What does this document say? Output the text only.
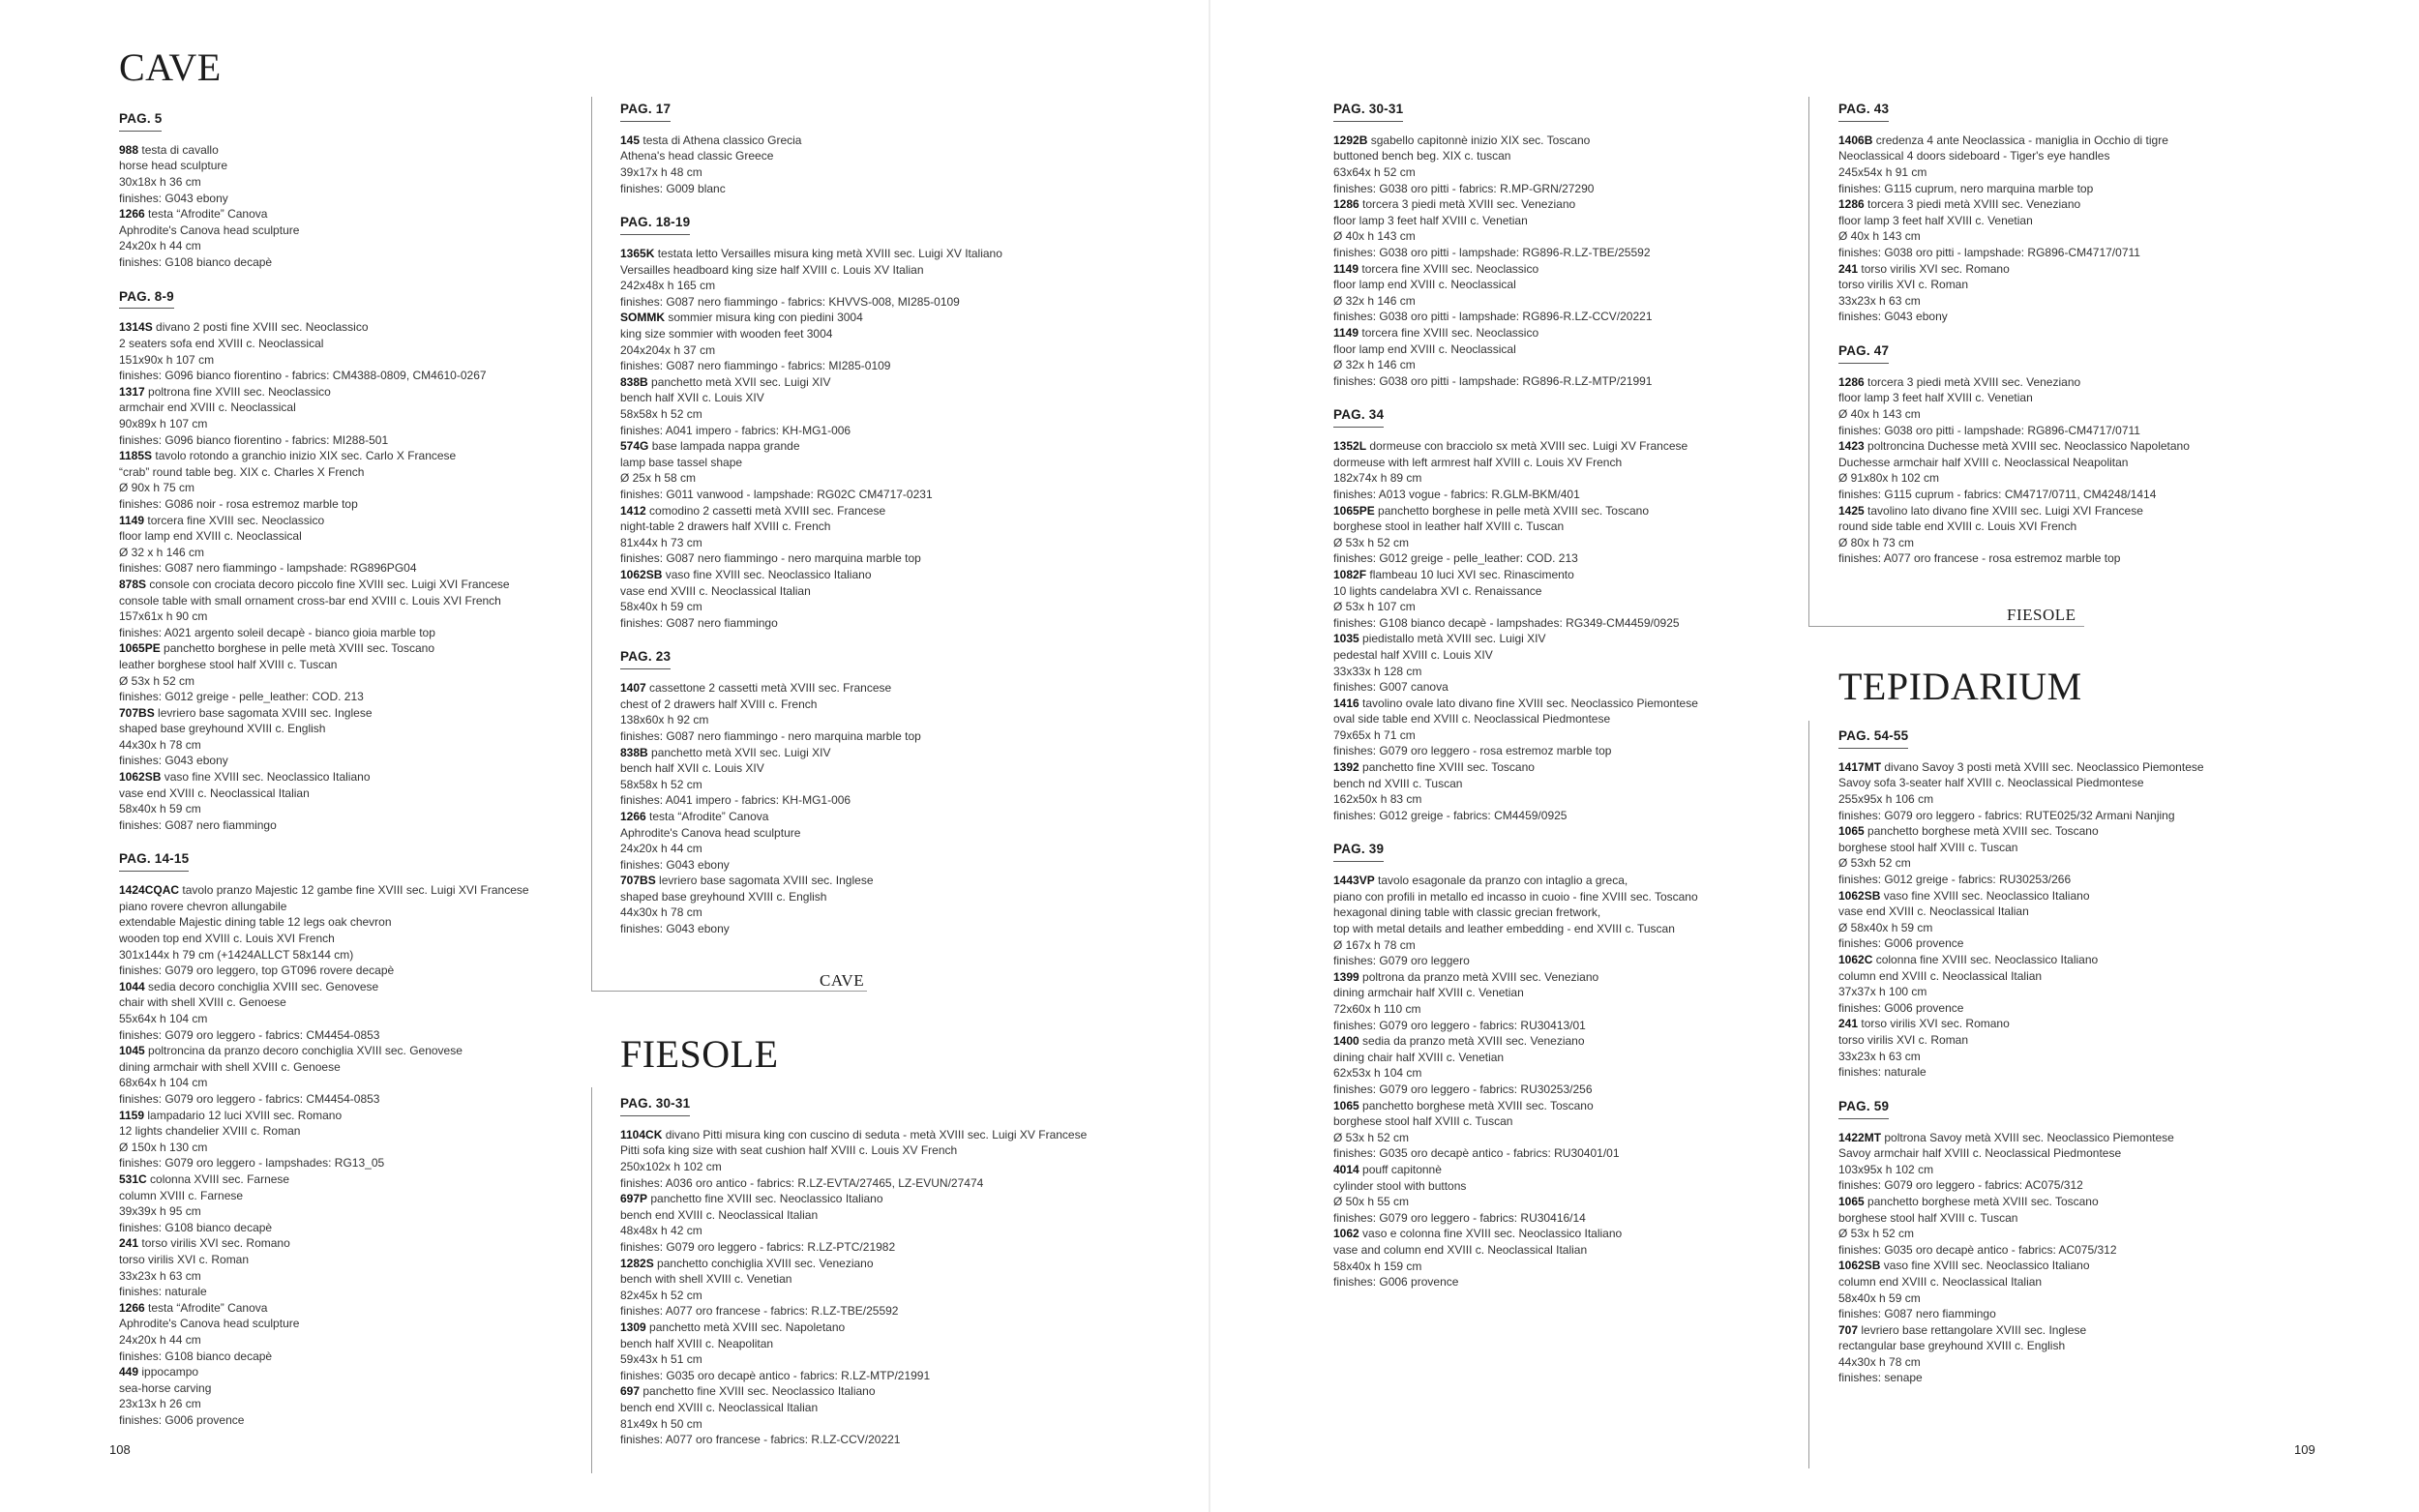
CAVE
PAG. 5
988 testa di cavallo
horse head sculpture
30x18x h 36 cm
finishes: G043 ebony
1266 testa “Afrodite” Canova
Aphrodite's Canova head sculpture
24x20x h 44 cm
finishes: G108 bianco decapè
PAG. 8-9
1314S divano 2 posti fine XVIII sec. Neoclassico
2 seaters sofa end XVIII c. Neoclassical
151x90x h 107 cm
finishes: G096 bianco fiorentino - fabrics: CM4388-0809, CM4610-0267
1317 poltrona fine XVIII sec. Neoclassico
armchair end XVIII c. Neoclassical
90x89x h 107 cm
finishes: G096 bianco fiorentino - fabrics: MI288-501
1185S tavolo rotondo a granchio inizio XIX sec. Carlo X Francese
“crab” round table beg. XIX c. Charles X French
Ø 90x h 75 cm
finishes: G086 noir - rosa estremoz marble top
1149 torcera fine XVIII sec. Neoclassico
floor lamp end XVIII c. Neoclassical
Ø 32 x h 146 cm
finishes: G087 nero fiammingo - lampshade: RG896PG04
878S console con crociata decoro piccolo fine XVIII sec. Luigi XVI Francese
console table with small ornament cross-bar end XVIII c. Louis XVI French
157x61x h 90 cm
finishes: A021 argento soleil decapè - bianco gioia marble top
1065PE panchetto borghese in pelle metà XVIII sec. Toscano
leather borghese stool half XVIII c. Tuscan
Ø 53x h 52 cm
finishes: G012 greige - pelle_leather: COD. 213
707BS levriero base sagomata XVIII sec. Inglese
shaped base greyhound XVIII c. English
44x30x h 78 cm
finishes: G043 ebony
1062SB vaso fine XVIII sec. Neoclassico Italiano
vase end XVIII c. Neoclassical Italian
58x40x h 59 cm
finishes: G087 nero fiammingo
PAG. 14-15
1424CQAC tavolo pranzo Majestic 12 gambe fine XVIII sec. Luigi XVI Francese
piano rovere chevron allungabile
extendable Majestic dining table 12 legs oak chevron
wooden top end XVIII c. Louis XVI French
301x144x h 79 cm (+1424ALLCT 58x144 cm)
finishes: G079 oro leggero, top GT096 rovere decapè
1044 sedia decoro conchiglia XVIII sec. Genovese
chair with shell XVIII c. Genoese
55x64x h 104 cm
finishes: G079 oro leggero - fabrics: CM4454-0853
1045 poltroncina da pranzo decoro conchiglia XVIII sec. Genovese
dining armchair with shell XVIII c. Genoese
68x64x h 104 cm
finishes: G079 oro leggero - fabrics: CM4454-0853
1159 lampadario 12 luci XVIII sec. Romano
12 lights chandelier XVIII c. Roman
Ø 150x h 130 cm
finishes: G079 oro leggero - lampshades: RG13_05
531C colonna XVIII sec. Farnese
column XVIII c. Farnese
39x39x h 95 cm
finishes: G108 bianco decapè
241 torso virilis XVI sec. Romano
torso virilis XVI c. Roman
33x23x h 63 cm
finishes: naturale
1266 testa “Afrodite” Canova
Aphrodite's Canova head sculpture
24x20x h 44 cm
finishes: G108 bianco decapè
449 ippocampo
sea-horse carving
23x13x h 26 cm
finishes: G006 provence
PAG. 17
145 testa di Athena classico Grecia
Athena's head classic Greece
39x17x h 48 cm
finishes: G009 blanc
PAG. 18-19
1365K testata letto Versailles misura king metà XVIII sec. Luigi XV Italiano
Versailles headboard king size half XVIII c. Louis XV Italian
242x48x h 165 cm
finishes: G087 nero fiammingo - fabrics: KHVVS-008, MI285-0109
SOMMK sommier misura king con piedini 3004
king size sommier with wooden feet 3004
204x204x h 37 cm
finishes: G087 nero fiammingo - fabrics: MI285-0109
838B panchetto metà XVII sec. Luigi XIV
bench half XVII c. Louis XIV
58x58x h 52 cm
finishes: A041 impero - fabrics: KH-MG1-006
574G base lampada nappa grande
lamp base tassel shape
Ø 25x h 58 cm
finishes: G011 vanwood - lampshade: RG02C CM4717-0231
1412 comodino 2 cassetti metà XVIII sec. Francese
night-table 2 drawers half XVIII c. French
81x44x h 73 cm
finishes: G087 nero fiammingo - nero marquina marble top
1062SB vaso fine XVIII sec. Neoclassico Italiano
vase end XVIII c. Neoclassical Italian
58x40x h 59 cm
finishes: G087 nero fiammingo
PAG. 23
1407 cassettone 2 cassetti metà XVIII sec. Francese
chest of 2 drawers half XVIII c. French
138x60x h 92 cm
finishes: G087 nero fiammingo - nero marquina marble top
838B panchetto metà XVII sec. Luigi XIV
bench half XVII c. Louis XIV
58x58x h 52 cm
finishes: A041 impero - fabrics: KH-MG1-006
1266 testa “Afrodite” Canova
Aphrodite's Canova head sculpture
24x20x h 44 cm
finishes: G043 ebony
707BS levriero base sagomata XVIII sec. Inglese
shaped base greyhound XVIII c. English
44x30x h 78 cm
finishes: G043 ebony
CAVE
FIESOLE
PAG. 30-31
1104CK divano Pitti misura king con cuscino di seduta - metà XVIII sec. Luigi XV Francese
Pitti sofa king size with seat cushion half XVIII c. Louis XV French
250x102x h 102 cm
finishes: A036 oro antico - fabrics: R.LZ-EVTA/27465, LZ-EVUN/27474
697P panchetto fine XVIII sec. Neoclassico Italiano
bench end XVIII c. Neoclassical Italian
48x48x h 42 cm
finishes: G079 oro leggero - fabrics: R.LZ-PTC/21982
1282S panchetto conchiglia XVIII sec. Veneziano
bench with shell XVIII c. Venetian
82x45x h 52 cm
finishes: A077 oro francese - fabrics: R.LZ-TBE/25592
1309 panchetto metà XVIII sec. Napoletano
bench half XVIII c. Neapolitan
59x43x h 51 cm
finishes: G035 oro decapè antico - fabrics: R.LZ-MTP/21991
697 panchetto fine XVIII sec. Neoclassico Italiano
bench end XVIII c. Neoclassical Italian
81x49x h 50 cm
finishes: A077 oro francese - fabrics: R.LZ-CCV/20221
PAG. 30-31
1292B sgabello capitonnè inizio XIX sec. Toscano
buttoned bench beg. XIX c. tuscan
63x64x h 52 cm
finishes: G038 oro pitti - fabrics: R.MP-GRN/27290
1286 torcera 3 piedi metà XVIII sec. Veneziano
floor lamp 3 feet half XVIII c. Venetian
Ø 40x h 143 cm
finishes: G038 oro pitti - lampshade: RG896-R.LZ-TBE/25592
1149 torcera fine XVIII sec. Neoclassico
floor lamp end XVIII c. Neoclassical
Ø 32x h 146 cm
finishes: G038 oro pitti - lampshade: RG896-R.LZ-CCV/20221
1149 torcera fine XVIII sec. Neoclassico
floor lamp end XVIII c. Neoclassical
Ø 32x h 146 cm
finishes: G038 oro pitti - lampshade: RG896-R.LZ-MTP/21991
PAG. 34
1352L dormeuse con bracciolo sx metà XVIII sec. Luigi XV Francese
dormeuse with left armrest half XVIII c. Louis XV French
182x74x h 89 cm
finishes: A013 vogue - fabrics: R.GLM-BKM/401
1065PE panchetto borghese in pelle metà XVIII sec. Toscano
borghese stool in leather half XVIII c. Tuscan
Ø 53x h 52 cm
finishes: G012 greige - pelle_leather: COD. 213
1082F flambeau 10 luci XVI sec. Rinascimento
10 lights candelabra XVI c. Renaissance
Ø 53x h 107 cm
finishes: G108 bianco decapè - lampshades: RG349-CM4459/0925
1035 piedistallo metà XVIII sec. Luigi XIV
pedestal half XVIII c. Louis XIV
33x33x h 128 cm
finishes: G007 canova
1416 tavolino ovale lato divano fine XVIII sec. Neoclassico Piemontese
oval side table end XVIII c. Neoclassical Piedmontese
79x65x h 71 cm
finishes: G079 oro leggero - rosa estremoz marble top
1392 panchetto fine XVIII sec. Toscano
bench nd XVIII c. Tuscan
162x50x h 83 cm
finishes: G012 greige - fabrics: CM4459/0925
PAG. 39
1443VP tavolo esagonale da pranzo con intaglio a greca,
piano con profili in metallo ed incasso in cuoio - fine XVIII sec. Toscano
hexagonal dining table with classic grecian fretwork,
top with metal details and leather embedding - end XVIII c. Tuscan
Ø 167x h 78 cm
finishes: G079 oro leggero
1399 poltrona da pranzo metà XVIII sec. Veneziano
dining armchair half XVIII c. Venetian
72x60x h 110 cm
finishes: G079 oro leggero - fabrics: RU30413/01
1400 sedia da pranzo metà XVIII sec. Veneziano
dining chair half XVIII c. Venetian
62x53x h 104 cm
finishes: G079 oro leggero - fabrics: RU30253/256
1065 panchetto borghese metà XVIII sec. Toscano
borghese stool half XVIII c. Tuscan
Ø 53x h 52 cm
finishes: G035 oro decapè antico - fabrics: RU30401/01
4014 pouff capitonnè
cylinder stool with buttons
Ø 50x h 55 cm
finishes: G079 oro leggero - fabrics: RU30416/14
1062 vaso e colonna fine XVIII sec. Neoclassico Italiano
vase and column end XVIII c. Neoclassical Italian
58x40x h 159 cm
finishes: G006 provence
PAG. 43
1406B credenza 4 ante Neoclassica - maniglia in Occhio di tigre
Neoclassical 4 doors sideboard - Tiger's eye handles
245x54x h 91 cm
finishes: G115 cuprum, nero marquina marble top
1286 torcera 3 piedi metà XVIII sec. Veneziano
floor lamp 3 feet half XVIII c. Venetian
Ø 40x h 143 cm
finishes: G038 oro pitti - lampshade: RG896-CM4717/0711
241 torso virilis XVI sec. Romano
torso virilis XVI c. Roman
33x23x h 63 cm
finishes: G043 ebony
PAG. 47
1286 torcera 3 piedi metà XVIII sec. Veneziano
floor lamp 3 feet half XVIII c. Venetian
Ø 40x h 143 cm
finishes: G038 oro pitti - lampshade: RG896-CM4717/0711
1423 poltroncina Duchesse metà XVIII sec. Neoclassico Napoletano
Duchesse armchair half XVIII c. Neoclassical Neapolitan
Ø 91x80x h 102 cm
finishes: G115 cuprum - fabrics: CM4717/0711, CM4248/1414
1425 tavolino lato divano fine XVIII sec. Luigi XVI Francese
round side table end XVIII c. Louis XVI French
Ø 80x h 73 cm
finishes: A077 oro francese - rosa estremoz marble top
FIESOLE
TEPIDARIUM
PAG. 54-55
1417MT divano Savoy 3 posti metà XVIII sec. Neoclassico Piemontese
Savoy sofa 3-seater half XVIII c. Neoclassical Piedmontese
255x95x h 106 cm
finishes: G079 oro leggero - fabrics: RUTE025/32 Armani Nanjing
1065 panchetto borghese metà XVIII sec. Toscano
borghese stool half XVIII c. Tuscan
Ø 53xh 52 cm
finishes: G012 greige - fabrics: RU30253/266
1062SB vaso fine XVIII sec. Neoclassico Italiano
vase end XVIII c. Neoclassical Italian
Ø 58x40x h 59 cm
finishes: G006 provence
1062C colonna fine XVIII sec. Neoclassico Italiano
column end XVIII c. Neoclassical Italian
37x37x h 100 cm
finishes: G006 provence
241 torso virilis XVI sec. Romano
torso virilis XVI c. Roman
33x23x h 63 cm
finishes: naturale
PAG. 59
1422MT poltrona Savoy metà XVIII sec. Neoclassico Piemontese
Savoy armchair half XVIII c. Neoclassical Piedmontese
103x95x h 102 cm
finishes: G079 oro leggero - fabrics: AC075/312
1065 panchetto borghese metà XVIII sec. Toscano
borghese stool half XVIII c. Tuscan
Ø 53x h 52 cm
finishes: G035 oro decapè antico - fabrics: AC075/312
1062SB vaso fine XVIII sec. Neoclassico Italiano
column end XVIII c. Neoclassical Italian
58x40x h 59 cm
finishes: G087 nero fiammingo
707 levriero base rettangolare XVIII sec. Inglese
rectangular base greyhound XVIII c. English
44x30x h 78 cm
finishes: senape
108	109
